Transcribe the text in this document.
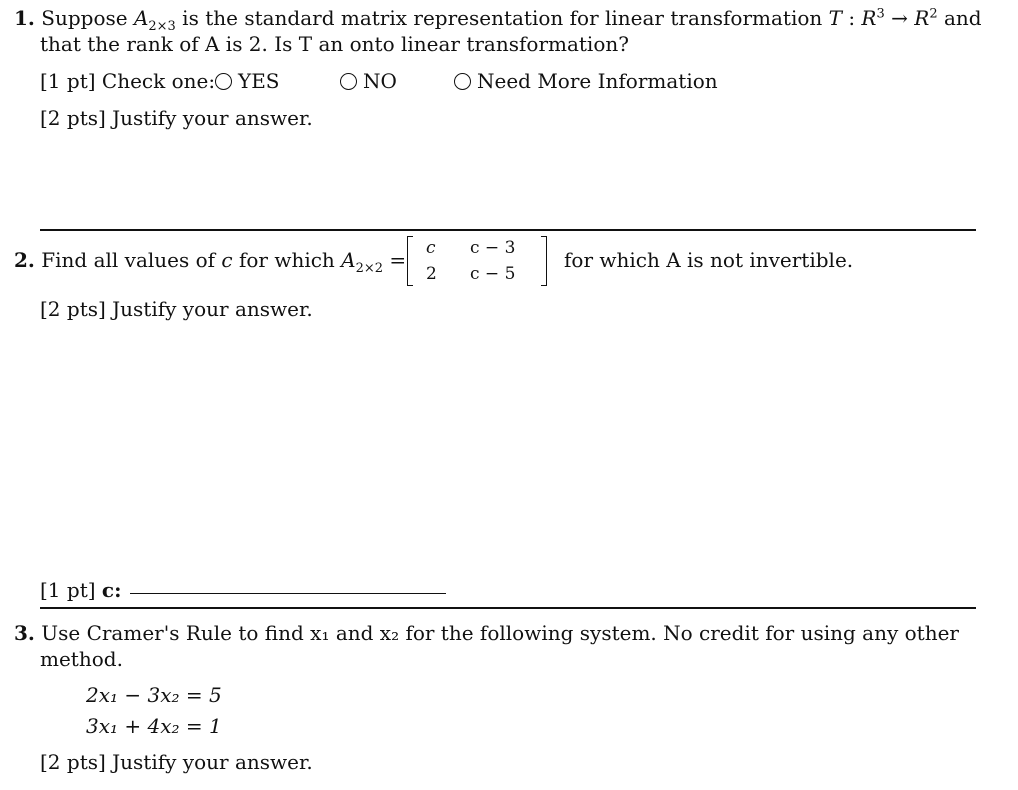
1. Suppose $A_{2\times 3}$ is the standard matrix representation for linear transformation T : $R^3 \to R^2$ and
that the rank of A is 2. Is T an onto linear transformation?
[1 pt] Check one:	YES	NO	Need More Information
[2 pts] Justify your answer.
2. Find all values of c for which $A_{2\times 2} = c$ c − 3
2 c − 5
for which A is not invertible.
[2 pts] Justify your answer.
[1 pt] c:
3. Use Cramer's Rule to find x₁ and x₂ for the following system. No credit for using any other
method.
2x₁ − 3x₂ = 5
3x₁ + 4x₂ = 1
[2 pts] Justify your answer.
